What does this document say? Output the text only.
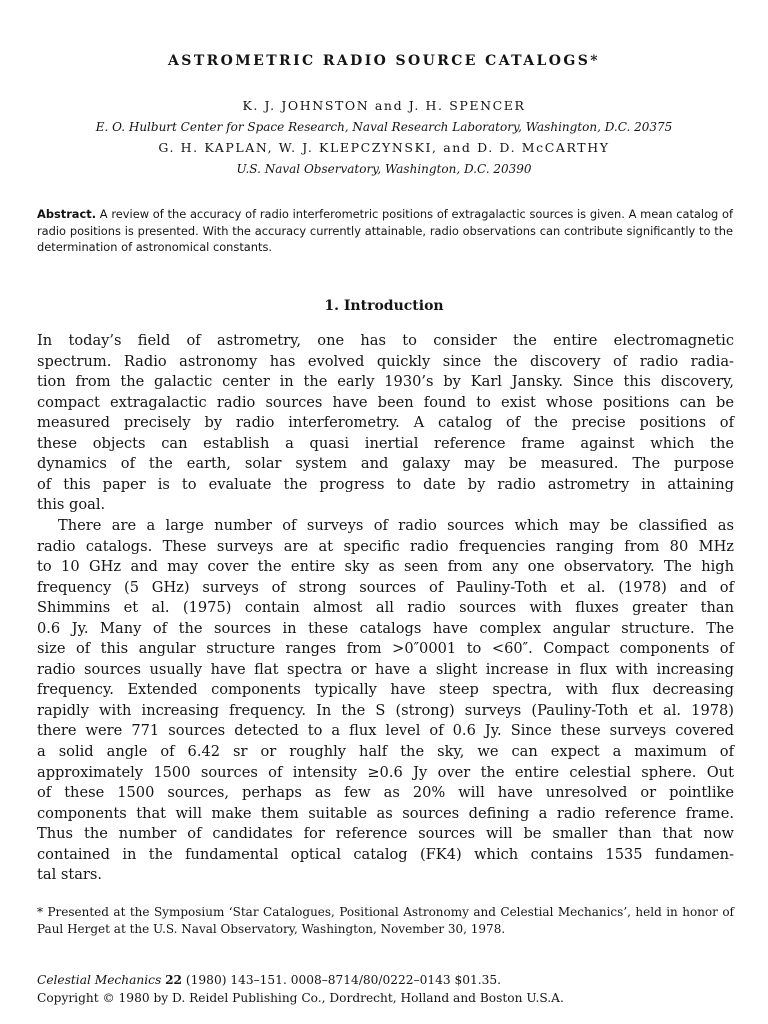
ASTROMETRIC RADIO SOURCE CATALOGS*
K. J. JOHNSTON and J. H. SPENCER
E. O. Hulburt Center for Space Research, Naval Research Laboratory, Washington, D.C. 20375
G. H. KAPLAN, W. J. KLEPCZYNSKI, and D. D. McCARTHY
U.S. Naval Observatory, Washington, D.C. 20390
Abstract. A review of the accuracy of radio interferometric positions of extragalactic sources is given. A mean catalog of radio positions is presented. With the accuracy currently attainable, radio observations can contribute significantly to the determination of astronomical constants.
1. Introduction
In today’s field of astrometry, one has to consider the entire electromagnetic
spectrum. Radio astronomy has evolved quickly since the discovery of radio radia-
tion from the galactic center in the early 1930’s by Karl Jansky. Since this discovery,
compact extragalactic radio sources have been found to exist whose positions can be
measured precisely by radio interferometry. A catalog of the precise positions of
these objects can establish a quasi inertial reference frame against which the
dynamics of the earth, solar system and galaxy may be measured. The purpose
of this paper is to evaluate the progress to date by radio astrometry in attaining
this goal.
There are a large number of surveys of radio sources which may be classified as
radio catalogs. These surveys are at specific radio frequencies ranging from 80 MHz
to 10 GHz and may cover the entire sky as seen from any one observatory. The high
frequency (5 GHz) surveys of strong sources of Pauliny-Toth et al. (1978) and of
Shimmins et al. (1975) contain almost all radio sources with fluxes greater than
0.6 Jy. Many of the sources in these catalogs have complex angular structure. The
size of this angular structure ranges from >0″0001 to <60″. Compact components of
radio sources usually have flat spectra or have a slight increase in flux with increasing
frequency. Extended components typically have steep spectra, with flux decreasing
rapidly with increasing frequency. In the S (strong) surveys (Pauliny-Toth et al. 1978)
there were 771 sources detected to a flux level of 0.6 Jy. Since these surveys covered
a solid angle of 6.42 sr or roughly half the sky, we can expect a maximum of
approximately 1500 sources of intensity ≥0.6 Jy over the entire celestial sphere. Out
of these 1500 sources, perhaps as few as 20% will have unresolved or pointlike
components that will make them suitable as sources defining a radio reference frame.
Thus the number of candidates for reference sources will be smaller than that now
contained in the fundamental optical catalog (FK4) which contains 1535 fundamen-
tal stars.
* Presented at the Symposium ‘Star Catalogues, Positional Astronomy and Celestial Mechanics’, held in honor of Paul Herget at the U.S. Naval Observatory, Washington, November 30, 1978.
Celestial Mechanics 22 (1980) 143–151. 0008–8714/80/0222–0143 $01.35.
Copyright © 1980 by D. Reidel Publishing Co., Dordrecht, Holland and Boston U.S.A.
